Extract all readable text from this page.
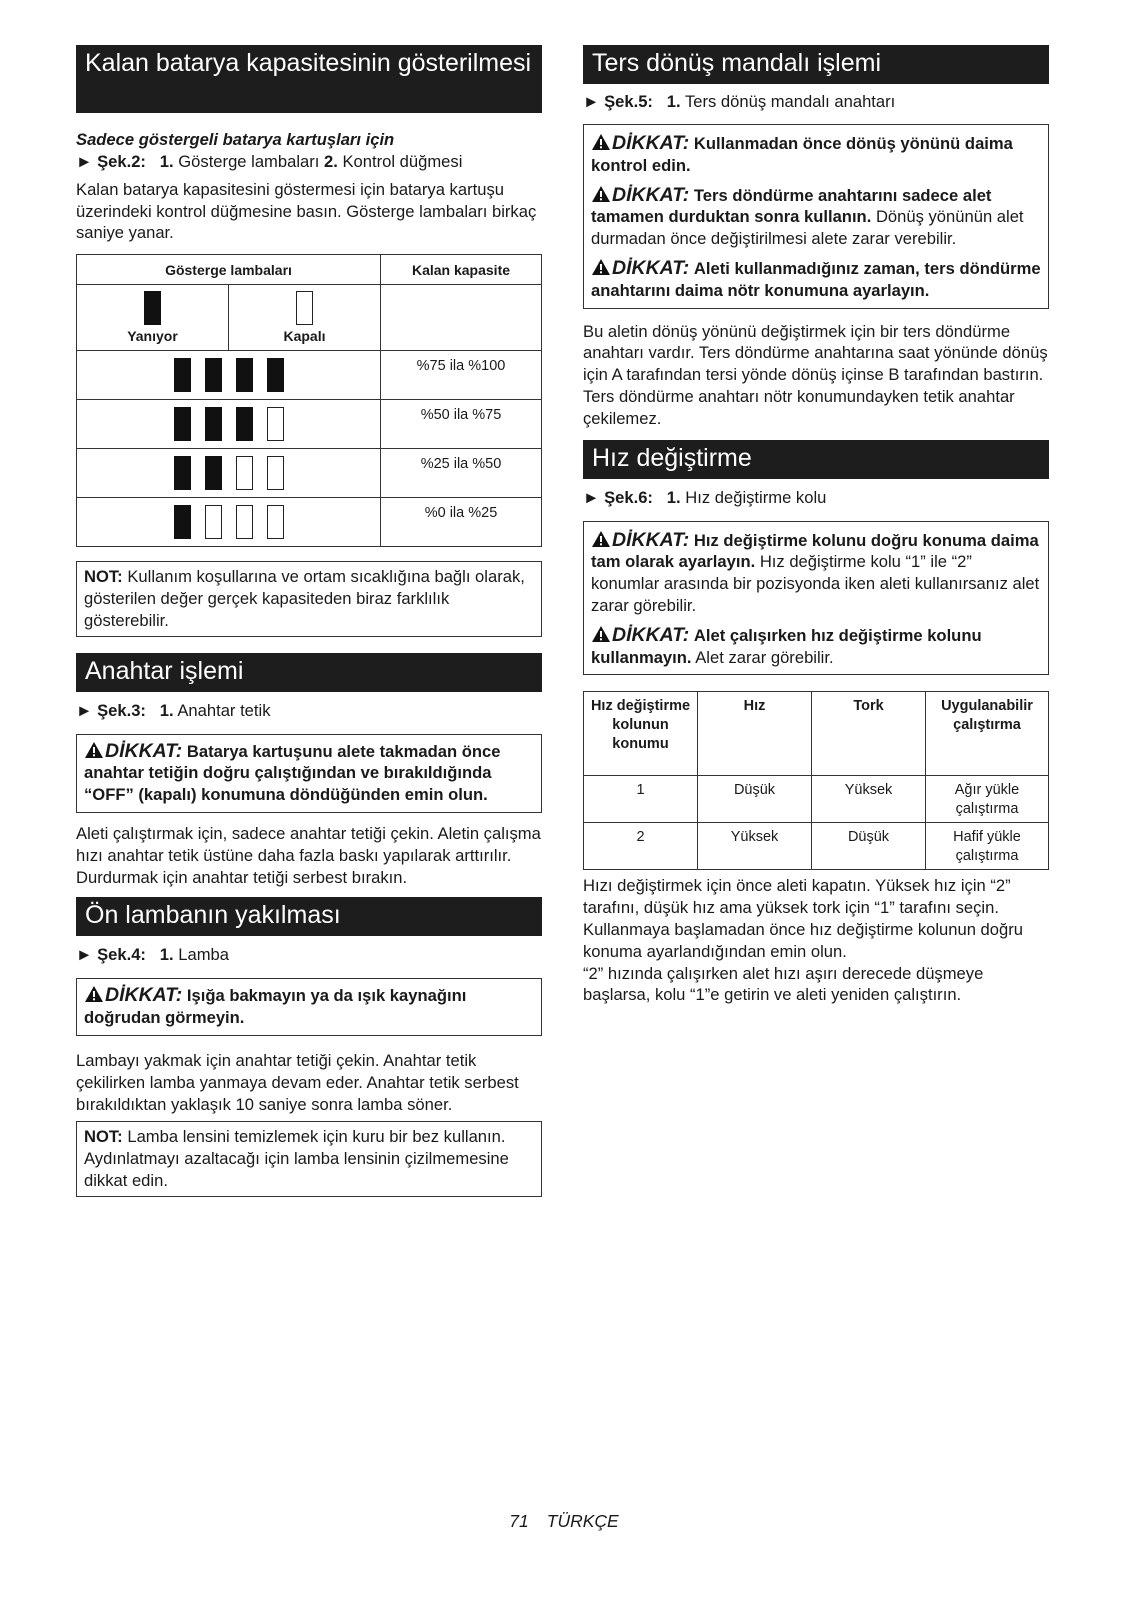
Kalan batarya kapasitesinin gösterilmesi
Sadece göstergeli batarya kartuşları için
► Şek.2: 1. Gösterge lambaları 2. Kontrol düğmesi

Kalan batarya kapasitesini göstermesi için batarya kartuşu üzerindeki kontrol düğmesine basın. Gösterge lambaları birkaç saniye yanar.

Gösterge lambaları		Kalan kapasite

Yanıyor	Kapalı	

		%75 ila %100
		%50 ila %75
		%25 ila %50
		%0 ila %25

NOT: Kullanım koşullarına ve ortam sıcaklığına bağlı olarak, gösterilen değer gerçek kapasiteden biraz farklılık gösterebilir.

Anahtar işlemi
► Şek.3: 1. Anahtar tetik

DİKKAT: Batarya kartuşunu alete takmadan önce anahtar tetiğin doğru çalıştığından ve bırakıldığında “OFF” (kapalı) konumuna döndüğünden emin olun.

Aleti çalıştırmak için, sadece anahtar tetiği çekin. Aletin çalışma hızı anahtar tetik üstüne daha fazla baskı yapılarak arttırılır. Durdurmak için anahtar tetiği serbest bırakın.

Ön lambanın yakılması
► Şek.4: 1. Lamba

DİKKAT: Işığa bakmayın ya da ışık kaynağını doğrudan görmeyin.

Lambayı yakmak için anahtar tetiği çekin. Anahtar tetik çekilirken lamba yanmaya devam eder. Anahtar tetik serbest bırakıldıktan yaklaşık 10 saniye sonra lamba söner.

NOT: Lamba lensini temizlemek için kuru bir bez kullanın. Aydınlatmayı azaltacağı için lamba lensinin çizilmemesine dikkat edin.

Ters dönüş mandalı işlemi
► Şek.5: 1. Ters dönüş mandalı anahtarı

DİKKAT: Kullanmadan önce dönüş yönünü daima kontrol edin.

DİKKAT: Ters döndürme anahtarını sadece alet tamamen durduktan sonra kullanın. Dönüş yönünün alet durmadan önce değiştirilmesi alete zarar verebilir.

DİKKAT: Aleti kullanmadığınız zaman, ters döndürme anahtarını daima nötr konumuna ayarlayın.

Bu aletin dönüş yönünü değiştirmek için bir ters döndürme anahtarı vardır. Ters döndürme anahtarına saat yönünde dönüş için A tarafından tersi yönde dönüş içinse B tarafından bastırın.

Ters döndürme anahtarı nötr konumundayken tetik anahtar çekilemez.

Hız değiştirme
► Şek.6: 1. Hız değiştirme kolu

DİKKAT: Hız değiştirme kolunu doğru konuma daima tam olarak ayarlayın. Hız değiştirme kolu “1” ile “2” konumlar arasında bir pozisyonda iken aleti kullanırsanız alet zarar görebilir.

DİKKAT: Alet çalışırken hız değiştirme kolunu kullanmayın. Alet zarar görebilir.

Hız değiştirme kolunun konumu	Hız	Tork	Uygulanabilir çalıştırma
1	Düşük	Yüksek	Ağır yükle çalıştırma
2	Yüksek	Düşük	Hafif yükle çalıştırma

Hızı değiştirmek için önce aleti kapatın. Yüksek hız için “2” tarafını, düşük hız ama yüksek tork için “1” tarafını seçin. Kullanmaya başlamadan önce hız değiştirme kolunun doğru konuma ayarlandığından emin olun.

“2” hızında çalışırken alet hızı aşırı derecede düşmeye başlarsa, kolu “1”e getirin ve aleti yeniden çalıştırın.

71 TÜRKÇE
